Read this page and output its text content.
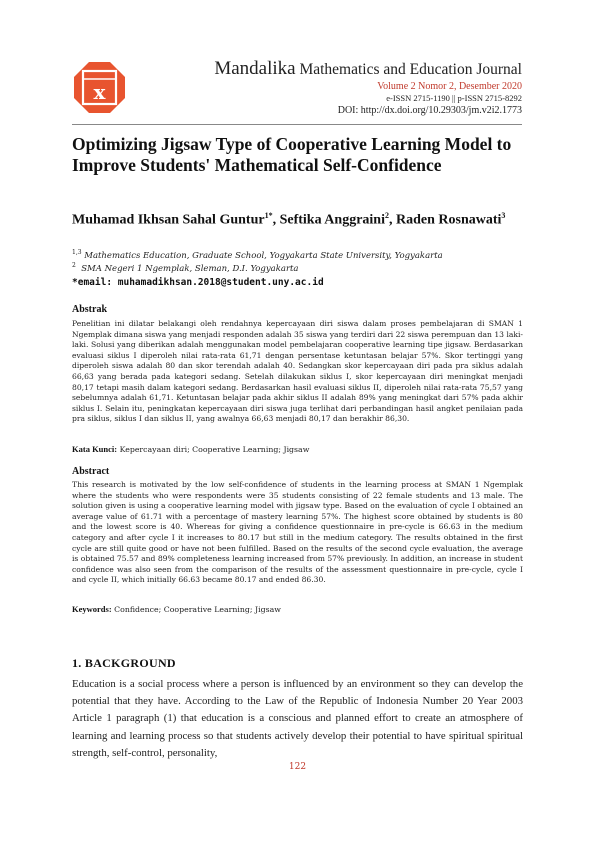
x
Mandalika Mathematics and Education Journal
Volume 2 Nomor 2, Desember 2020
e-ISSN 2715-1190 || p-ISSN 2715-8292
DOI: http://dx.doi.org/10.29303/jm.v2i2.1773
Optimizing Jigsaw Type of Cooperative Learning Model to Improve Students' Mathematical Self-Confidence
Muhamad Ikhsan Sahal Guntur$^{1*}$, Seftika Anggraini$^2$, Raden Rosnawati$^3$
$^{1,3}$ Mathematics Education, Graduate School, Yogyakarta State University, Yogyakarta
$^2$ SMA Negeri 1 Ngemplak, Sleman, D.I. Yogyakarta
*email: muhamadikhsan.2018@student.uny.ac.id
Abstrak
Penelitian ini dilatar belakangi oleh rendahnya kepercayaan diri siswa dalam proses pembelajaran di SMAN 1 Ngemplak dimana siswa yang menjadi responden adalah 35 siswa yang terdiri dari 22 siswa perempuan dan 13 laki-laki. Solusi yang diberikan adalah menggunakan model pembelajaran cooperative learning tipe jigsaw. Berdasarkan evaluasi siklus I diperoleh nilai rata-rata 61,71 dengan persentase ketuntasan belajar 57%. Skor tertinggi yang diperoleh siswa adalah 80 dan skor terendah adalah 40. Sedangkan skor kepercayaan diri pada pra siklus adalah 66,63 yang berada pada kategori sedang. Setelah dilakukan siklus I, skor kepercayaan diri meningkat menjadi 80,17 tetapi masih dalam kategori sedang. Berdasarkan hasil evaluasi siklus II, diperoleh nilai rata-rata 75,57 yang sebelumnya adalah 61,71. Ketuntasan belajar pada akhir siklus II adalah 89% yang meningkat dari 57% pada akhir siklus I. Selain itu, peningkatan kepercayaan diri siswa juga terlihat dari perbandingan hasil angket penilaian pada pra siklus, siklus I dan siklus II, yang awalnya 66,63 menjadi 80,17 dan berakhir 86,30.
Kata Kunci: Kepercayaan diri; Cooperative Learning; Jigsaw
Abstract
This research is motivated by the low self-confidence of students in the learning process at SMAN 1 Ngemplak where the students who were respondents were 35 students consisting of 22 female students and 13 male. The solution given is using a cooperative learning model with jigsaw type. Based on the evaluation of cycle I obtained an average value of 61.71 with a percentage of mastery learning 57%. The highest score obtained by students is 80 and the lowest score is 40. Whereas for giving a confidence questionnaire in pre-cycle is 66.63 in the medium category and after cycle I it increases to 80.17 but still in the medium category. The results obtained in the first cycle are still quite good or have not been fulfilled. Based on the results of the second cycle evaluation, the average is obtained 75.57 and 89% completeness learning increased from 57% previously. In addition, an increase in student confidence was also seen from the comparison of the results of the assessment questionnaire in pre-cycle, cycle I and cycle II, which initially 66.63 became 80.17 and ended 86.30.
Keywords: Confidence; Cooperative Learning; Jigsaw
1. BACKGROUND
Education is a social process where a person is influenced by an environment so they can develop the potential that they have. According to the Law of the Republic of Indonesia Number 20 Year 2003 Article 1 paragraph (1) that education is a conscious and planned effort to create an atmosphere of learning and learning process so that students actively develop their potential to have spiritual spiritual strength, self-control, personality,
122
